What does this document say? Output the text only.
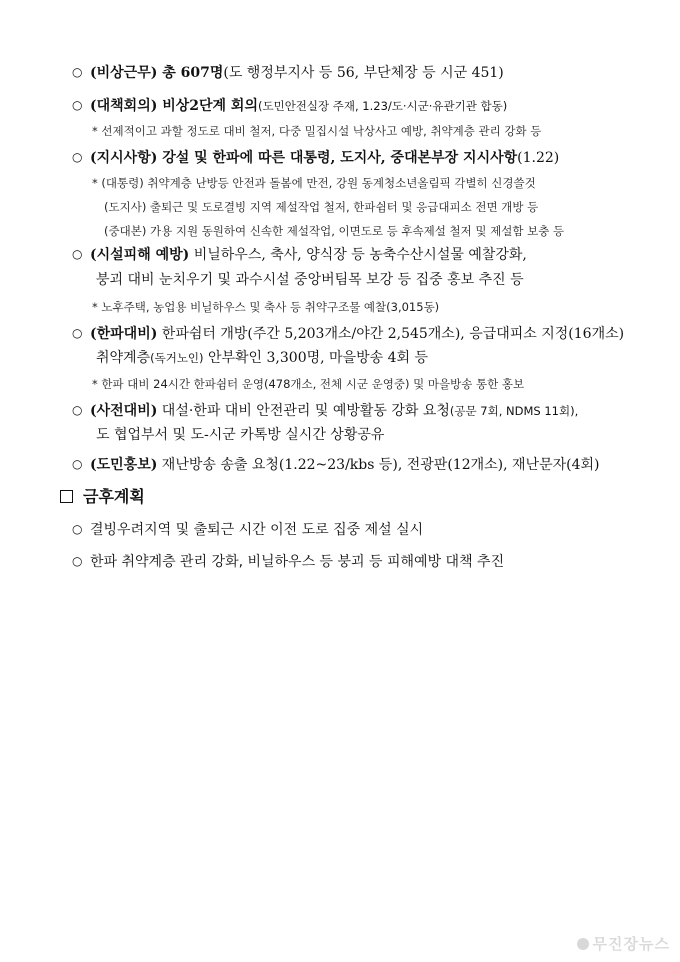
○ (비상근무) 총 607명(도 행정부지사 등 56, 부단체장 등 시군 451)
○ (대책회의) 비상2단계 회의(도민안전실장 주재, 1.23/도·시군·유관기관 합동)
* 선제적이고 과할 정도로 대비 철저, 다중 밀집시설 낙상사고 예방, 취약계층 관리 강화 등
○ (지시사항) 강설 및 한파에 따른 대통령, 도지사, 중대본부장 지시사항(1.22)
* (대통령) 취약계층 난방등 안전과 돌봄에 만전, 강원 동계청소년올림픽 각별히 신경쓸것
(도지사) 출퇴근 및 도로결빙 지역 제설작업 철저, 한파쉼터 및 응급대피소 전면 개방 등
(중대본) 가용 지원 동원하여 신속한 제설작업, 이면도로 등 후속제설 철저 및 제설함 보충 등
○ (시설피해 예방) 비닐하우스, 축사, 양식장 등 농축수산시설물 예찰강화,
붕괴 대비 눈치우기 및 과수시설 중앙버팀목 보강 등 집중 홍보 추진 등
* 노후주택, 농업용 비닐하우스 및 축사 등 취약구조물 예찰(3,015동)
○ (한파대비) 한파쉼터 개방(주간 5,203개소/야간 2,545개소), 응급대피소 지정(16개소)
취약계층(독거노인) 안부확인 3,300명, 마을방송 4회 등
* 한파 대비 24시간 한파쉼터 운영(478개소, 전체 시군 운영중) 및 마을방송 통한 홍보
○ (사전대비) 대설·한파 대비 안전관리 및 예방활동 강화 요청(공문 7회, NDMS 11회),
도 협업부서 및 도-시군 카톡방 실시간 상황공유
○ (도민홍보) 재난방송 송출 요청(1.22~23/kbs 등), 전광판(12개소), 재난문자(4회)
금후계획
○ 결빙우려지역 및 출퇴근 시간 이전 도로 집중 제설 실시
○ 한파 취약계층 관리 강화, 비닐하우스 등 붕괴 등 피해예방 대책 추진
무진장뉴스
